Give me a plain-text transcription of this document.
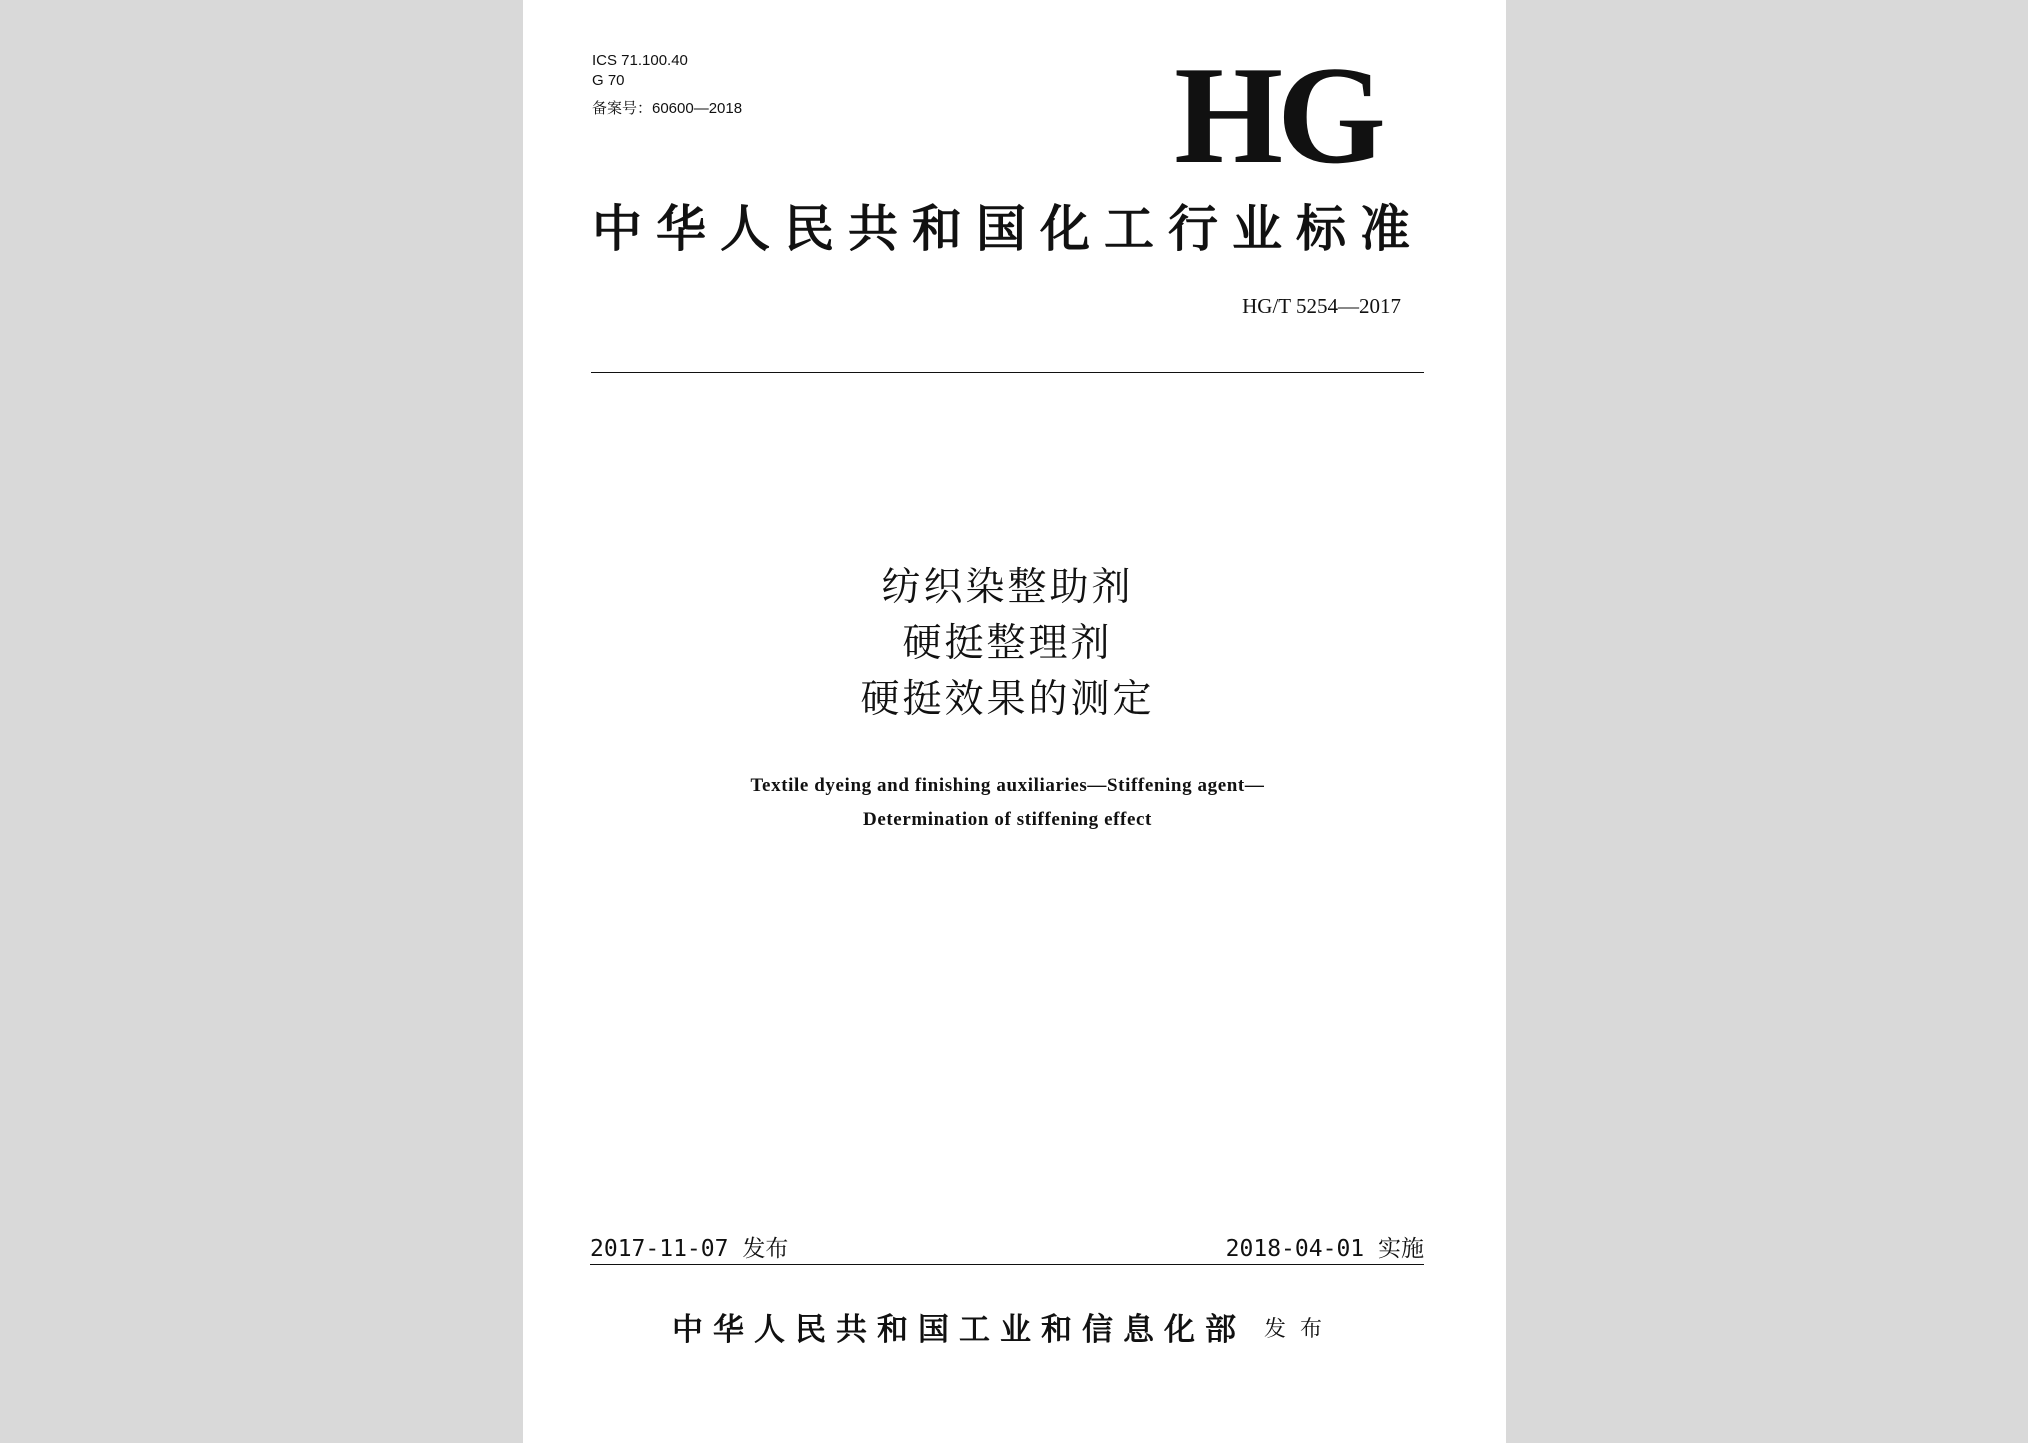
ICS 71.100.40
G 70
备案号：60600—2018	HG
中华人民共和国化工行业标准
HG/T 5254—2017
纺织染整助剂
硬挺整理剂
硬挺效果的测定
Textile dyeing and finishing auxiliaries—Stiffening agent—
Determination of stiffening effect
2017-11-07 发布	2018-04-01 实施
中华人民共和国工业和信息化部 发布
